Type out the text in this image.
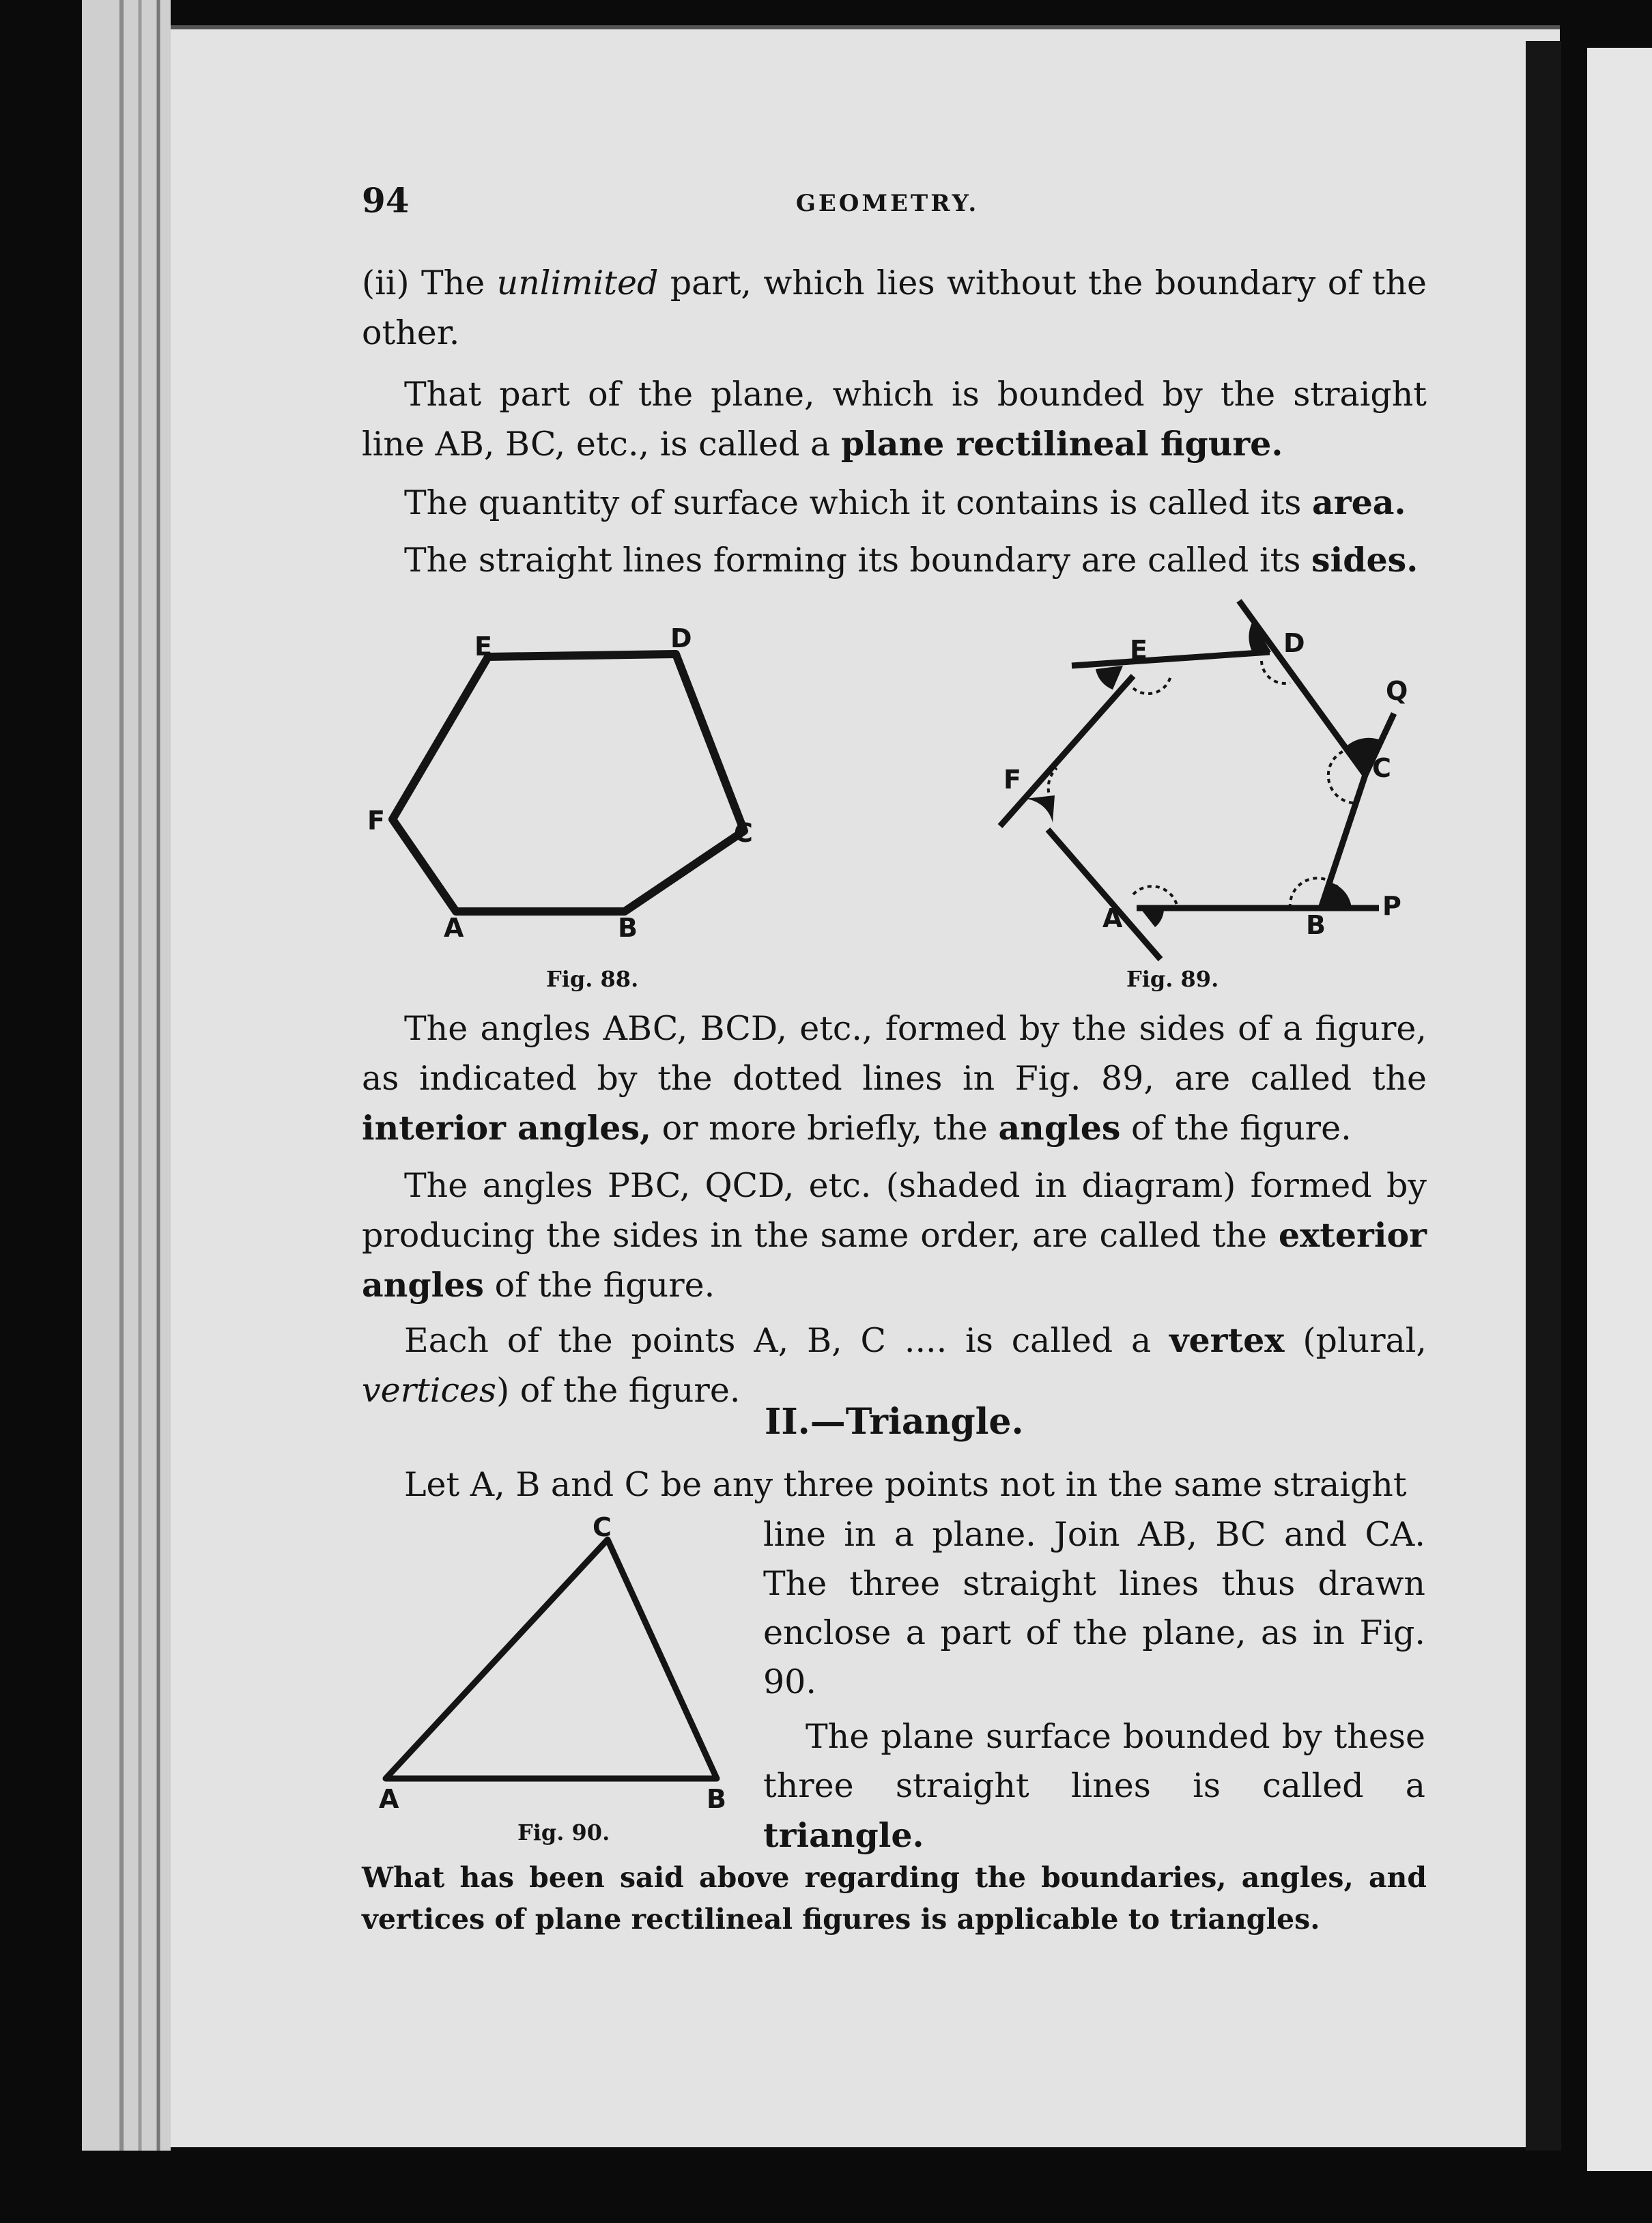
E	D
C
B
A
F
E	D
Q
C
P
B
A
F
C
A	B
94	GEOMETRY.
(ii) The unlimited part, which lies without the boundary of the other.
That part of the plane, which is bounded by the straight line AB, BC, etc., is called a plane rectilineal figure.
The quantity of surface which it contains is called its area.
The straight lines forming its boundary are called its sides.
Fig. 88.	Fig. 89.
The angles ABC, BCD, etc., formed by the sides of a figure, as indicated by the dotted lines in Fig. 89, are called the interior angles, or more briefly, the angles of the figure.
The angles PBC, QCD, etc. (shaded in diagram) formed by producing the sides in the same order, are called the exterior angles of the figure.
Each of the points A, B, C .... is called a vertex (plural, vertices) of the figure.
II.—Triangle.
Let A, B and C be any three points not in the same straight
line in a plane. Join AB, BC and CA. The three straight lines thus drawn enclose a part of the plane, as in Fig. 90.
The plane surface bounded by these three straight lines is called a triangle.
Fig. 90.
What has been said above regarding the boundaries, angles, and vertices of plane rectilineal figures is applicable to triangles.
